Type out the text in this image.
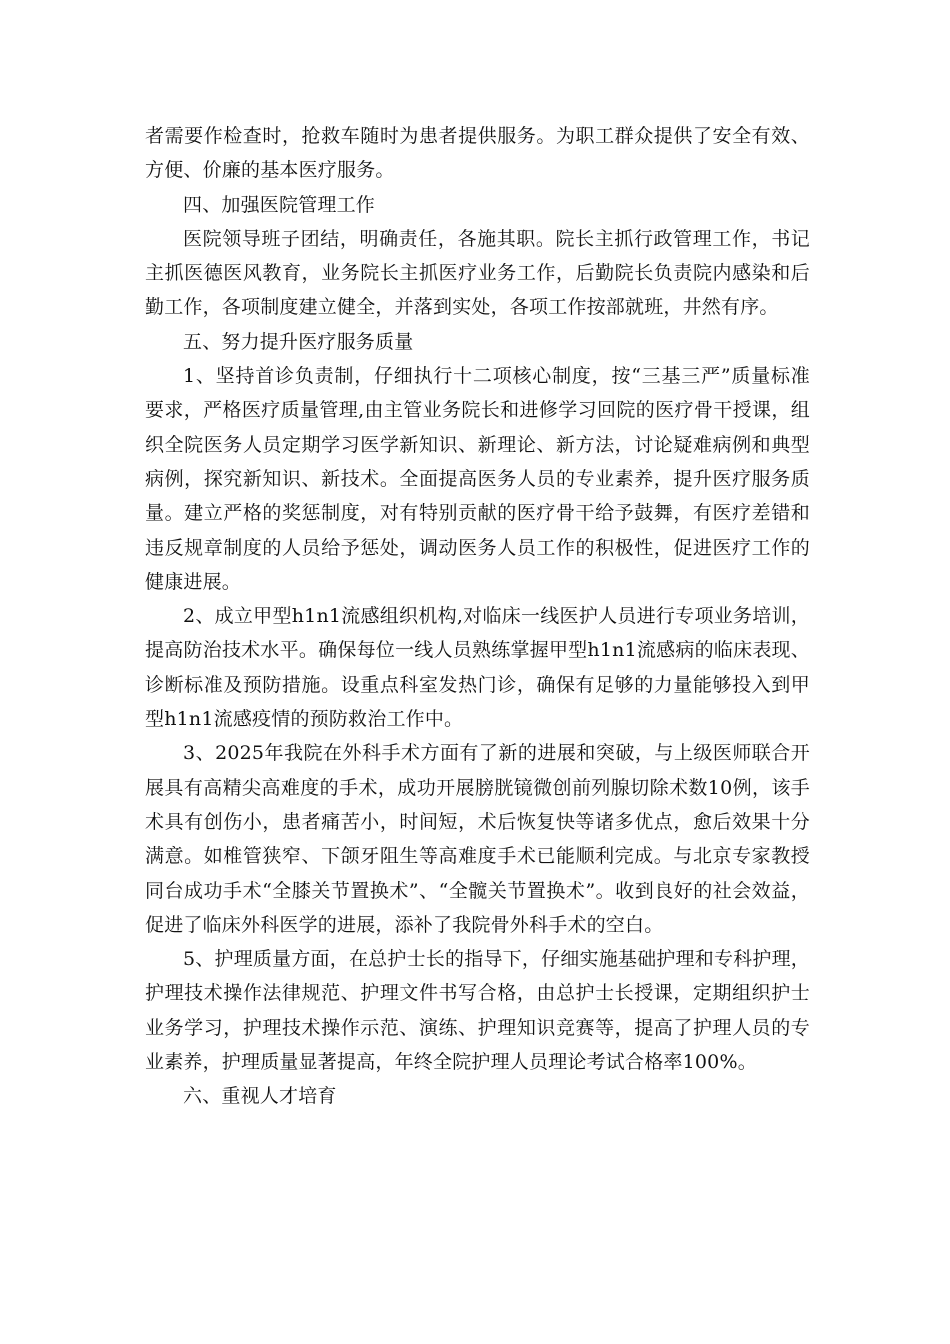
者需要作检查时，抢救车随时为患者提供服务。为职工群众提供了安全有效、方便、价廉的基本医疗服务。

四、加强医院管理工作

医院领导班子团结，明确责任，各施其职。院长主抓行政管理工作，书记主抓医德医风教育，业务院长主抓医疗业务工作，后勤院长负责院内感染和后勤工作，各项制度建立健全，并落到实处，各项工作按部就班，井然有序。

五、努力提升医疗服务质量

1、坚持首诊负责制，仔细执行十二项核心制度，按“三基三严”质量标准要求，严格医疗质量管理,由主管业务院长和进修学习回院的医疗骨干授课，组织全院医务人员定期学习医学新知识、新理论、新方法，讨论疑难病例和典型病例，探究新知识、新技术。全面提高医务人员的专业素养，提升医疗服务质量。建立严格的奖惩制度，对有特别贡献的医疗骨干给予鼓舞，有医疗差错和违反规章制度的人员给予惩处，调动医务人员工作的积极性，促进医疗工作的健康进展。

2、成立甲型h1n1流感组织机构,对临床一线医护人员进行专项业务培训，提高防治技术水平。确保每位一线人员熟练掌握甲型h1n1流感病的临床表现、诊断标准及预防措施。设重点科室发热门诊，确保有足够的力量能够投入到甲型h1n1流感疫情的预防救治工作中。

3、2025年我院在外科手术方面有了新的进展和突破，与上级医师联合开展具有高精尖高难度的手术，成功开展膀胱镜微创前列腺切除术数10例，该手术具有创伤小，患者痛苦小，时间短，术后恢复快等诸多优点，愈后效果十分满意。如椎管狭窄、下颌牙阻生等高难度手术已能顺利完成。与北京专家教授同台成功手术“全膝关节置换术”、“全髋关节置换术”。收到良好的社会效益，促进了临床外科医学的进展，添补了我院骨外科手术的空白。

5、护理质量方面，在总护士长的指导下，仔细实施基础护理和专科护理，护理技术操作法律规范、护理文件书写合格，由总护士长授课，定期组织护士业务学习，护理技术操作示范、演练、护理知识竞赛等，提高了护理人员的专业素养，护理质量显著提高，年终全院护理人员理论考试合格率100%。

六、重视人才培育
